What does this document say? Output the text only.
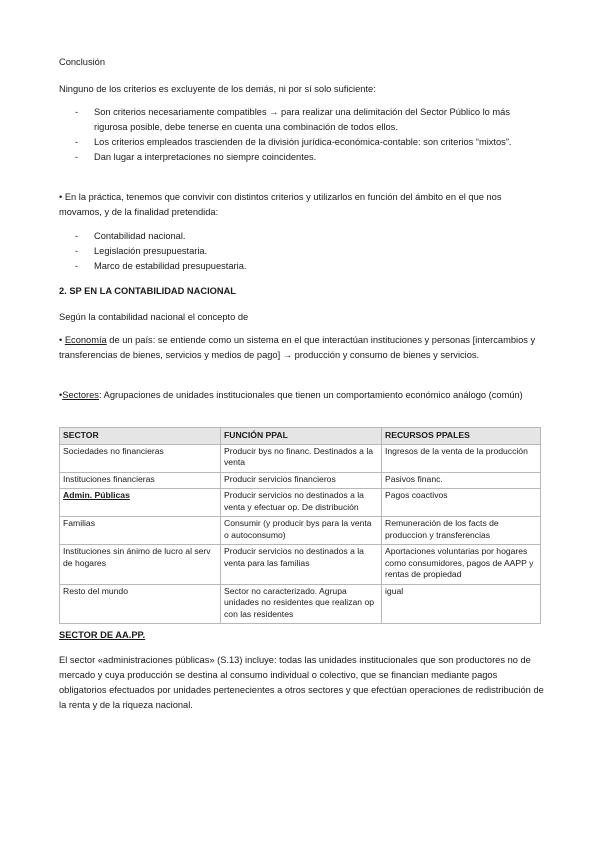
Conclusión

Ninguno de los criterios es excluyente de los demás, ni por sí solo suficiente:

- Son criterios necesariamente compatibles → para realizar una delimitación del Sector Público lo más rigurosa posible, debe tenerse en cuenta una combinación de todos ellos.
- Los criterios empleados trascienden de la división jurídica-económica-contable: son criterios “mixtos”.
- Dan lugar a interpretaciones no siempre coincidentes.

• En la práctica, tenemos que convivir con distintos criterios y utilizarlos en función del ámbito en el que nos movamos, y de la finalidad pretendida:

- Contabilidad nacional.
- Legislación presupuestaria.
- Marco de estabilidad presupuestaria.

2. SP EN LA CONTABILIDAD NACIONAL

Según la contabilidad nacional el concepto de

• Economía de un país: se entiende como un sistema en el que interactúan instituciones y personas [intercambios y transferencias de bienes, servicios y medios de pago] → producción y consumo de bienes y servicios.

•Sectores: Agrupaciones de unidades institucionales que tienen un comportamiento económico análogo (común)

SECTOR	FUNCIÓN PPAL	RECURSOS PPALES
Sociedades no financieras	Producir bys no financ. Destinados a la venta	Ingresos de la venta de la producción
Instituciones financieras	Producir servicios financieros	Pasivos financ.
Admin. Públicas	Producir servicios no destinados a la venta y efectuar op. De distribución	Pagos coactivos
Familias	Consumir (y producir bys para la venta o autoconsumo)	Remuneración de los facts de produccion y transferencias
Instituciones sin ánimo de lucro al serv de hogares	Producir servicios no destinados a la venta para las familias	Aportaciones voluntarias por hogares como consumidores, pagos de AAPP y rentas de propiedad
Resto del mundo	Sector no caracterizado. Agrupa unidades no residentes que realizan op con las residentes	igual

SECTOR DE AA.PP.

El sector «administraciones públicas» (S.13) incluye: todas las unidades institucionales que son productores no de mercado y cuya producción se destina al consumo individual o colectivo, que se financian mediante pagos obligatorios efectuados por unidades pertenecientes a otros sectores y que efectúan operaciones de redistribución de la renta y de la riqueza nacional.
